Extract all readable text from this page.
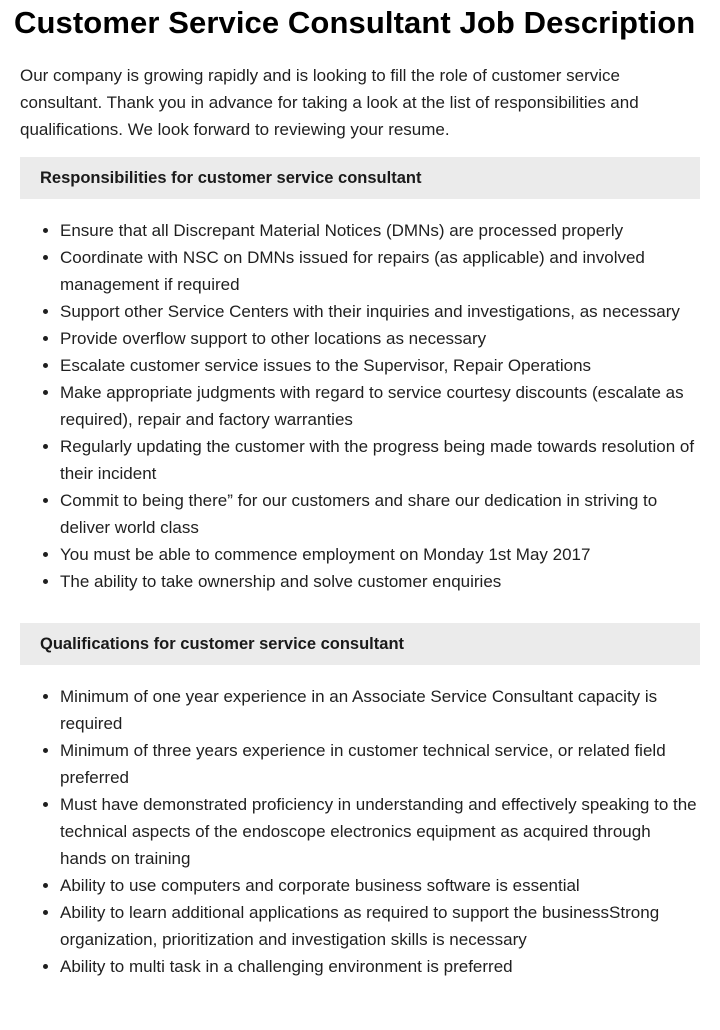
Customer Service Consultant Job Description

Our company is growing rapidly and is looking to fill the role of customer service consultant. Thank you in advance for taking a look at the list of responsibilities and qualifications. We look forward to reviewing your resume.

Responsibilities for customer service consultant
• Ensure that all Discrepant Material Notices (DMNs) are processed properly
• Coordinate with NSC on DMNs issued for repairs (as applicable) and involved management if required
• Support other Service Centers with their inquiries and investigations, as necessary
• Provide overflow support to other locations as necessary
• Escalate customer service issues to the Supervisor, Repair Operations
• Make appropriate judgments with regard to service courtesy discounts (escalate as required), repair and factory warranties
• Regularly updating the customer with the progress being made towards resolution of their incident
• Commit to being there” for our customers and share our dedication in striving to deliver world class
• You must be able to commence employment on Monday 1st May 2017
• The ability to take ownership and solve customer enquiries
Qualifications for customer service consultant
• Minimum of one year experience in an Associate Service Consultant capacity is required
• Minimum of three years experience in customer technical service, or related field preferred
• Must have demonstrated proficiency in understanding and effectively speaking to the technical aspects of the endoscope electronics equipment as acquired through hands on training
• Ability to use computers and corporate business software is essential
• Ability to learn additional applications as required to support the businessStrong organization, prioritization and investigation skills is necessary
• Ability to multi task in a challenging environment is preferred
